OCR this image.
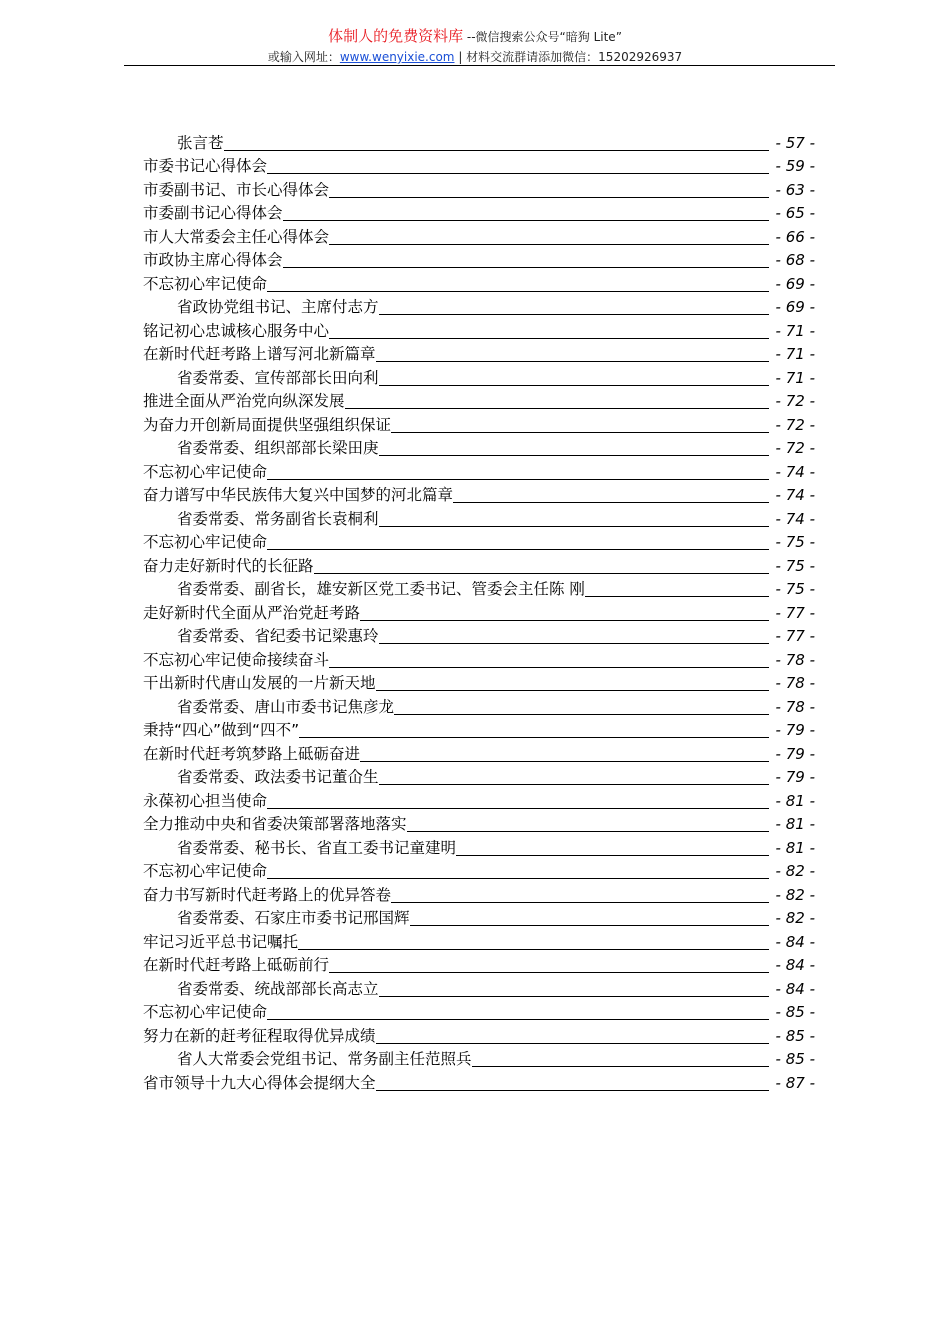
体制人的免费资料库 --微信搜索公众号“暗狗 Lite”
或输入网址：www.wenyixie.com | 材料交流群请添加微信：15202926937
张言苍	- 57 -
市委书记心得体会	- 59 -
市委副书记、市长心得体会	- 63 -
市委副书记心得体会	- 65 -
市人大常委会主任心得体会	- 66 -
市政协主席心得体会	- 68 -
不忘初心牢记使命	- 69 -
省政协党组书记、主席付志方	- 69 -
铭记初心忠诚核心服务中心	- 71 -
在新时代赶考路上谱写河北新篇章	- 71 -
省委常委、宣传部部长田向利	- 71 -
推进全面从严治党向纵深发展	- 72 -
为奋力开创新局面提供坚强组织保证	- 72 -
省委常委、组织部部长梁田庚	- 72 -
不忘初心牢记使命	- 74 -
奋力谱写中华民族伟大复兴中国梦的河北篇章	- 74 -
省委常委、常务副省长袁桐利	- 74 -
不忘初心牢记使命	- 75 -
奋力走好新时代的长征路	- 75 -
省委常委、副省长，雄安新区党工委书记、管委会主任陈 刚	- 75 -
走好新时代全面从严治党赶考路	- 77 -
省委常委、省纪委书记梁惠玲	- 77 -
不忘初心牢记使命接续奋斗	- 78 -
干出新时代唐山发展的一片新天地	- 78 -
省委常委、唐山市委书记焦彦龙	- 78 -
秉持“四心”做到“四不”	- 79 -
在新时代赶考筑梦路上砥砺奋进	- 79 -
省委常委、政法委书记董仚生	- 79 -
永葆初心担当使命	- 81 -
全力推动中央和省委决策部署落地落实	- 81 -
省委常委、秘书长、省直工委书记童建明	- 81 -
不忘初心牢记使命	- 82 -
奋力书写新时代赶考路上的优异答卷	- 82 -
省委常委、石家庄市委书记邢国辉	- 82 -
牢记习近平总书记嘱托	- 84 -
在新时代赶考路上砥砺前行	- 84 -
省委常委、统战部部长高志立	- 84 -
不忘初心牢记使命	- 85 -
努力在新的赶考征程取得优异成绩	- 85 -
省人大常委会党组书记、常务副主任范照兵	- 85 -
省市领导十九大心得体会提纲大全	- 87 -
